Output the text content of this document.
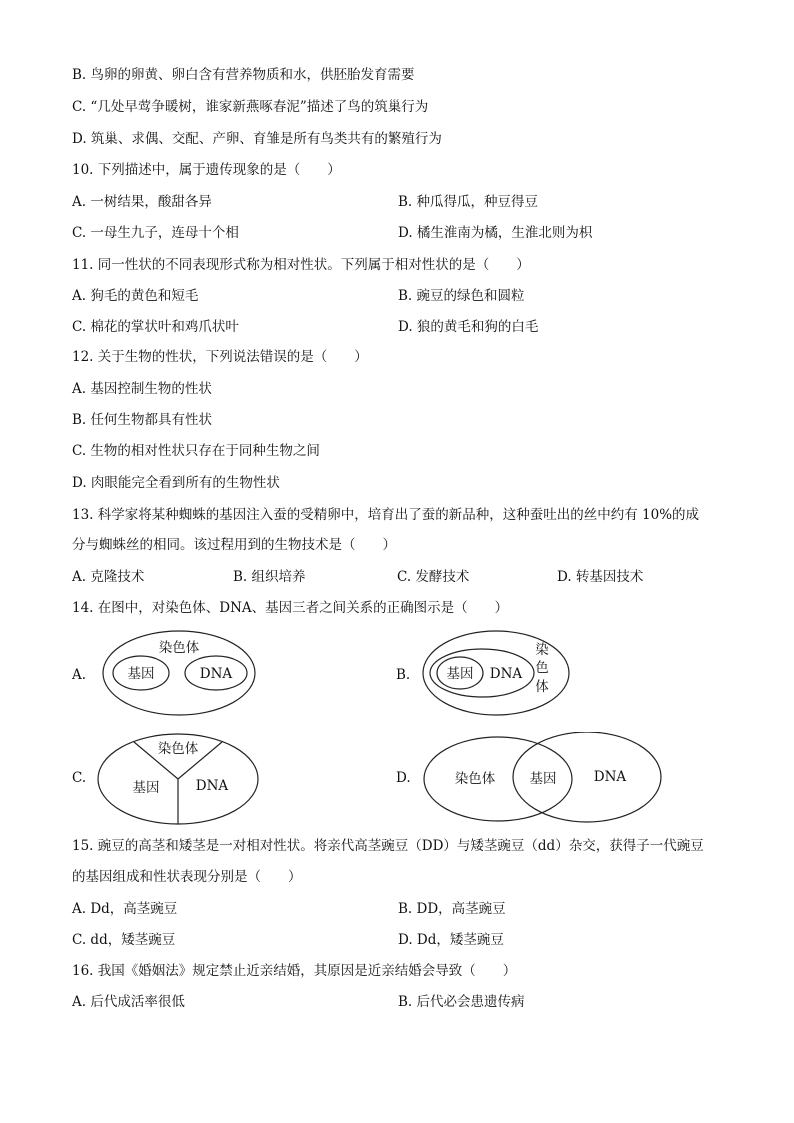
B. 鸟卵的卵黄、卵白含有营养物质和水，供胚胎发育需要
C. “几处早莺争暖树，谁家新燕啄春泥”描述了鸟的筑巢行为
D. 筑巢、求偶、交配、产卵、育雏是所有鸟类共有的繁殖行为
10. 下列描述中，属于遗传现象的是（　　）
A. 一树结果，酸甜各异	B. 种瓜得瓜，种豆得豆
C. 一母生九子，连母十个相	D. 橘生淮南为橘，生淮北则为枳
11. 同一性状的不同表现形式称为相对性状。下列属于相对性状的是（　　）
A. 狗毛的黄色和短毛	B. 豌豆的绿色和圆粒
C. 棉花的掌状叶和鸡爪状叶	D. 狼的黄毛和狗的白毛
12. 关于生物的性状，下列说法错误的是（　　）
A. 基因控制生物的性状
B. 任何生物都具有性状
C. 生物的相对性状只存在于同种生物之间
D. 肉眼能完全看到所有的生物性状
13. 科学家将某种蜘蛛的基因注入蚕的受精卵中，培育出了蚕的新品种，这种蚕吐出的丝中约有 10%的成
分与蜘蛛丝的相同。该过程用到的生物技术是（　　）
A. 克隆技术	B. 组织培养	C. 发酵技术	D. 转基因技术
14. 在图中，对染色体、DNA、基因三者之间关系的正确图示是（　　）
A.	B.
C.	D.
染色体
基因	DNA	基因 DNA
染
色
体
染色体
基因	DNA	染色体	基因	DNA
15. 豌豆的高茎和矮茎是一对相对性状。将亲代高茎豌豆（DD）与矮茎豌豆（dd）杂交，获得子一代豌豆
的基因组成和性状表现分别是（　　）
A. Dd，高茎豌豆	B. DD，高茎豌豆
C. dd，矮茎豌豆	D. Dd，矮茎豌豆
16. 我国《婚姻法》规定禁止近亲结婚，其原因是近亲结婚会导致（　　）
A. 后代成活率很低	B. 后代必会患遗传病
